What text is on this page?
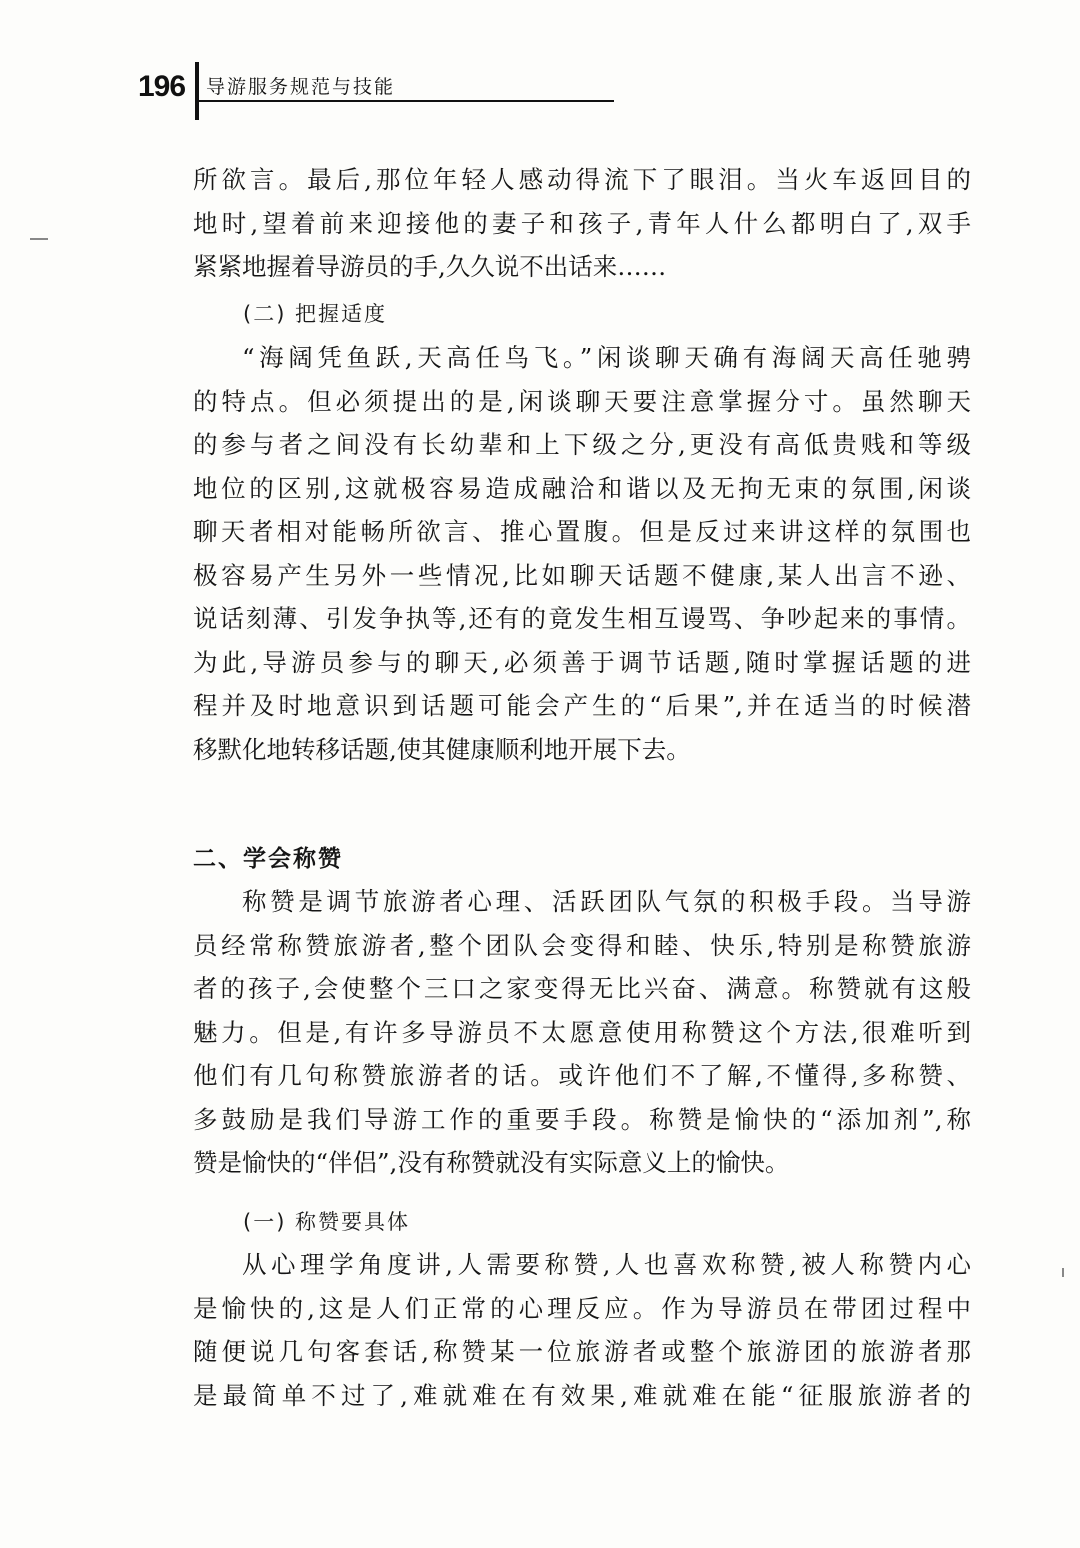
196 导游服务规范与技能

所欲言。最后,那位年轻人感动得流下了眼泪。当火车返回目的
地时,望着前来迎接他的妻子和孩子,青年人什么都明白了,双手
紧紧地握着导游员的手,久久说不出话来……

(二) 把握适度

“海阔凭鱼跃,天高任鸟飞。”闲谈聊天确有海阔天高任驰骋
的特点。但必须提出的是,闲谈聊天要注意掌握分寸。虽然聊天
的参与者之间没有长幼辈和上下级之分,更没有高低贵贱和等级
地位的区别,这就极容易造成融洽和谐以及无拘无束的氛围,闲谈
聊天者相对能畅所欲言、推心置腹。但是反过来讲这样的氛围也
极容易产生另外一些情况,比如聊天话题不健康,某人出言不逊、
说话刻薄、引发争执等,还有的竟发生相互谩骂、争吵起来的事情。
为此,导游员参与的聊天,必须善于调节话题,随时掌握话题的进
程并及时地意识到话题可能会产生的“后果”,并在适当的时候潜
移默化地转移话题,使其健康顺利地开展下去。

二、学会称赞

称赞是调节旅游者心理、活跃团队气氛的积极手段。当导游
员经常称赞旅游者,整个团队会变得和睦、快乐,特别是称赞旅游
者的孩子,会使整个三口之家变得无比兴奋、满意。称赞就有这般
魅力。但是,有许多导游员不太愿意使用称赞这个方法,很难听到
他们有几句称赞旅游者的话。或许他们不了解,不懂得,多称赞、
多鼓励是我们导游工作的重要手段。称赞是愉快的“添加剂”,称
赞是愉快的“伴侣”,没有称赞就没有实际意义上的愉快。

(一) 称赞要具体

从心理学角度讲,人需要称赞,人也喜欢称赞,被人称赞内心
是愉快的,这是人们正常的心理反应。作为导游员在带团过程中
随便说几句客套话,称赞某一位旅游者或整个旅游团的旅游者那
是最简单不过了,难就难在有效果,难就难在能“征服旅游者的
